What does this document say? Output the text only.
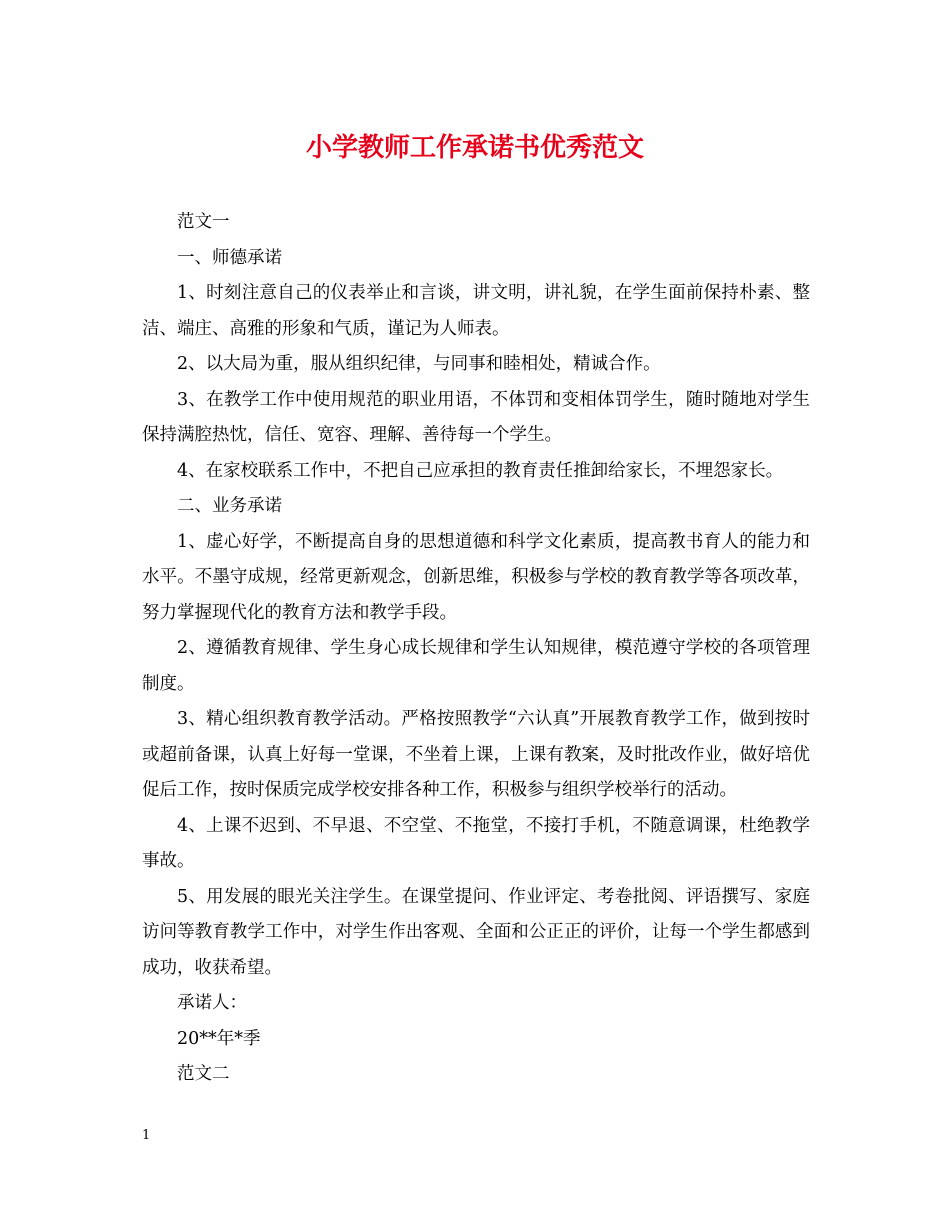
小学教师工作承诺书优秀范文

范文一

一、师德承诺

1、时刻注意自己的仪表举止和言谈，讲文明，讲礼貌，在学生面前保持朴素、整洁、端庄、高雅的形象和气质，谨记为人师表。

2、以大局为重，服从组织纪律，与同事和睦相处，精诚合作。

3、在教学工作中使用规范的职业用语，不体罚和变相体罚学生，随时随地对学生保持满腔热忱，信任、宽容、理解、善待每一个学生。

4、在家校联系工作中，不把自己应承担的教育责任推卸给家长，不埋怨家长。

二、业务承诺

1、虚心好学，不断提高自身的思想道德和科学文化素质，提高教书育人的能力和水平。不墨守成规，经常更新观念，创新思维，积极参与学校的教育教学等各项改革，努力掌握现代化的教育方法和教学手段。

2、遵循教育规律、学生身心成长规律和学生认知规律，模范遵守学校的各项管理制度。

3、精心组织教育教学活动。严格按照教学“六认真”开展教育教学工作，做到按时或超前备课，认真上好每一堂课，不坐着上课，上课有教案，及时批改作业，做好培优促后工作，按时保质完成学校安排各种工作，积极参与组织学校举行的活动。

4、上课不迟到、不早退、不空堂、不拖堂，不接打手机，不随意调课，杜绝教学事故。

5、用发展的眼光关注学生。在课堂提问、作业评定、考卷批阅、评语撰写、家庭访问等教育教学工作中，对学生作出客观、全面和公正正的评价，让每一个学生都感到成功，收获希望。

承诺人：

20**年*季

范文二

1
